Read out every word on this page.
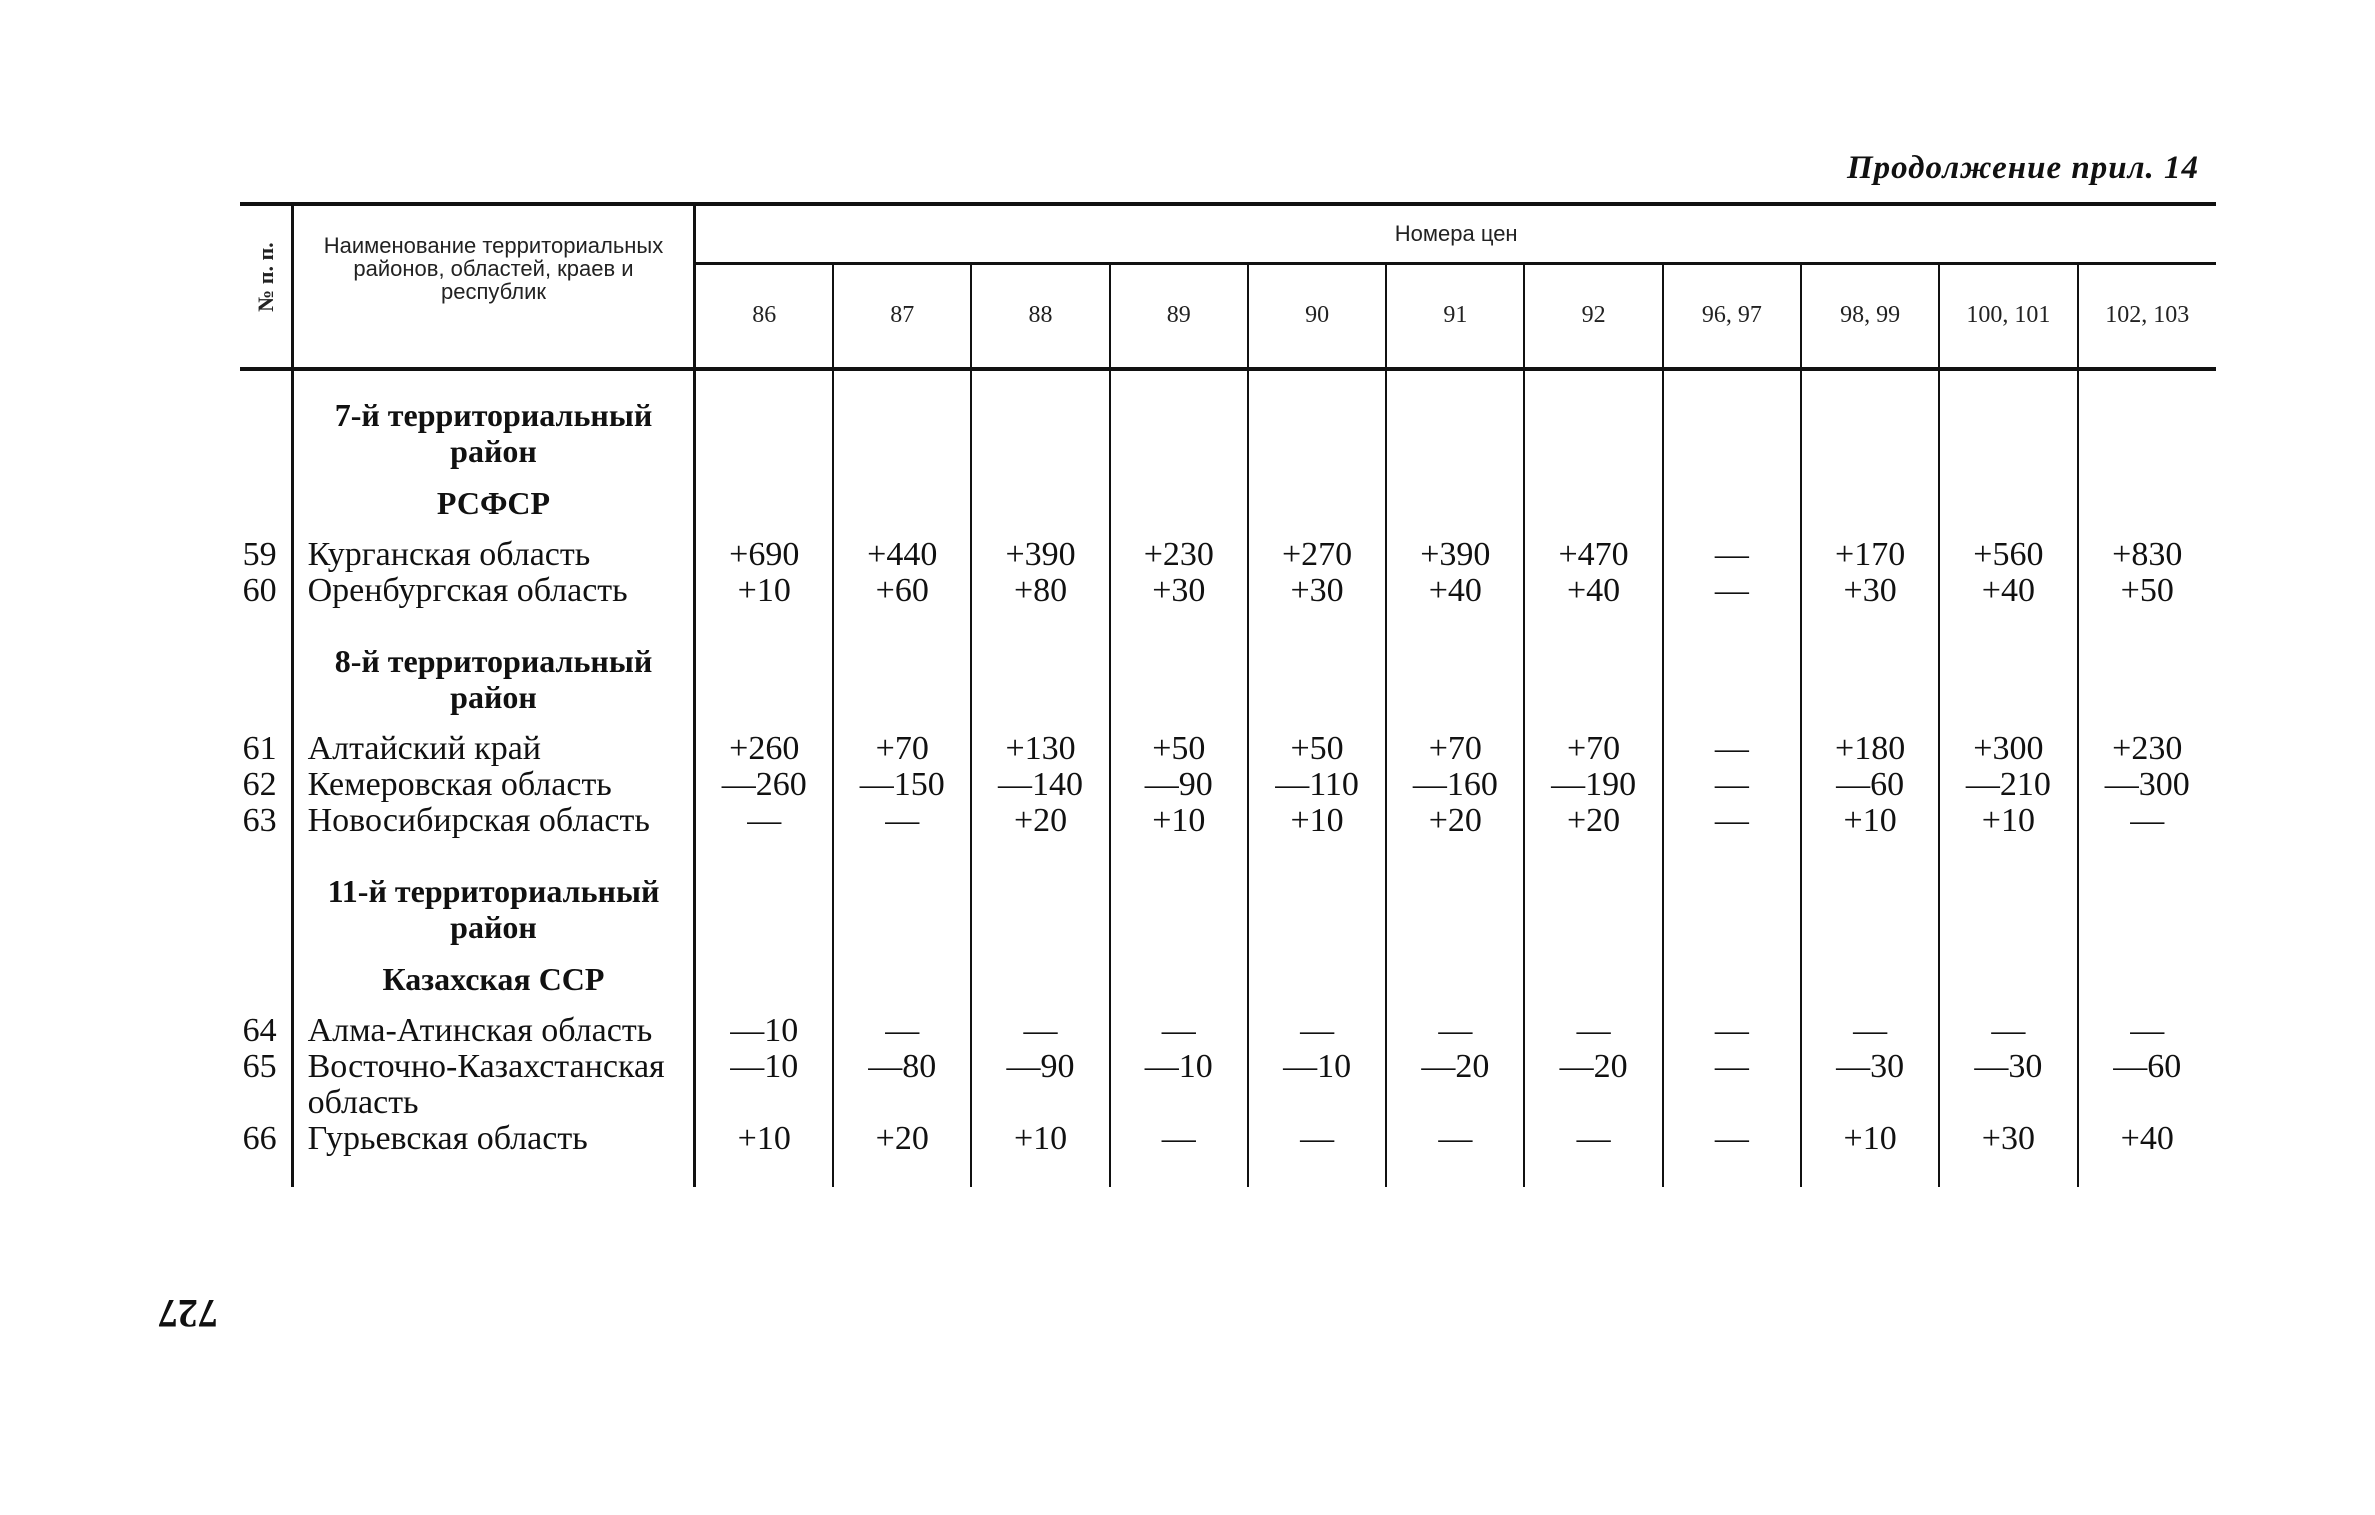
Продолжение прил. 14
727
№ п. п.	Наименование территориальных районов, областей, краев и республик	Номера цен										
		86	87	88	89	90	91	92	96, 97	98, 99	100, 101	102, 103

	7-й территориальный район											

	РСФСР											

59	Курганская область	+690	+440	+390	+230	+270	+390	+470	—	+170	+560	+830
60	Оренбургская область	+10	+60	+80	+30	+30	+40	+40	—	+30	+40	+50

	8-й территориальный район											

61	Алтайский край	+260	+70	+130	+50	+50	+70	+70	—	+180	+300	+230
62	Кемеровская область	—260	—150	—140	—90	—110	—160	—190	—	—60	—210	—300
63	Новосибирская область	—	—	+20	+10	+10	+20	+20	—	+10	+10	—

	11-й территориальный район											

	Казахская ССР											

64	Алма-Атинская область	—10	—	—	—	—	—	—	—	—	—	—
65	Восточно-Казахстанская область	—10	—80	—90	—10	—10	—20	—20	—	—30	—30	—60
66	Гурьевская область	+10	+20	+10	—	—	—	—	—	+10	+30	+40
